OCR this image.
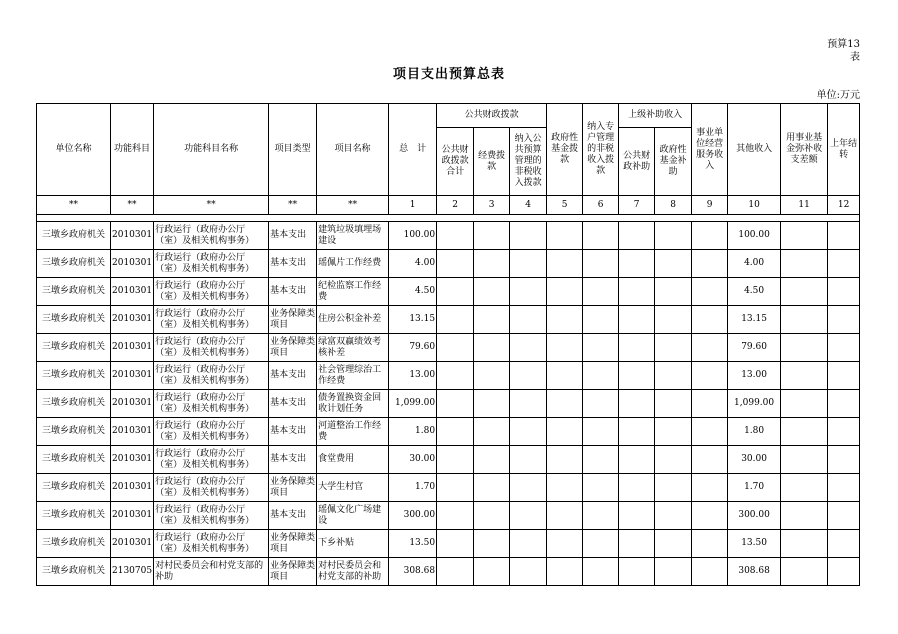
预算13
表
项目支出预算总表
单位:万元
单位名称	功能科目	功能科目名称	项目类型	项目名称	总　计	公共财政拨款			政府性基金拨款	纳入专户管理的非税收入拨款	上级补助收入		事业单位经营服务收入	其他收入	用事业基金弥补收支差额	上年结转
						公共财政拨款合计	经费拨款	纳入公共预算管理的非税收入拨款			公共财政补助	政府性基金补助				
**	**	**	**	**	1	2	3	4	5	6	7	8	9	10	11	12

三墩乡政府机关	2010301	行政运行（政府办公厅（室）及相关机构事务）	基本支出	建筑垃圾填埋场建设	100.00									100.00		
三墩乡政府机关	2010301	行政运行（政府办公厅（室）及相关机构事务）	基本支出	瑶佩片工作经费	4.00									4.00		
三墩乡政府机关	2010301	行政运行（政府办公厅（室）及相关机构事务）	基本支出	纪检监察工作经费	4.50									4.50		
三墩乡政府机关	2010301	行政运行（政府办公厅（室）及相关机构事务）	业务保障类项目	住房公积金补差	13.15									13.15		
三墩乡政府机关	2010301	行政运行（政府办公厅（室）及相关机构事务）	业务保障类项目	绿富双赢绩效考核补差	79.60									79.60		
三墩乡政府机关	2010301	行政运行（政府办公厅（室）及相关机构事务）	基本支出	社会管理综治工作经费	13.00									13.00		
三墩乡政府机关	2010301	行政运行（政府办公厅（室）及相关机构事务）	基本支出	债务置换资金回收计划任务	1,099.00									1,099.00		
三墩乡政府机关	2010301	行政运行（政府办公厅（室）及相关机构事务）	基本支出	河道整治工作经费	1.80									1.80		
三墩乡政府机关	2010301	行政运行（政府办公厅（室）及相关机构事务）	基本支出	食堂费用	30.00									30.00		
三墩乡政府机关	2010301	行政运行（政府办公厅（室）及相关机构事务）	业务保障类项目	大学生村官	1.70									1.70		
三墩乡政府机关	2010301	行政运行（政府办公厅（室）及相关机构事务）	基本支出	瑶佩文化广场建设	300.00									300.00		
三墩乡政府机关	2010301	行政运行（政府办公厅（室）及相关机构事务）	业务保障类项目	下乡补贴	13.50									13.50		
三墩乡政府机关	2130705	对村民委员会和村党支部的补助	业务保障类项目	对村民委员会和村党支部的补助	308.68									308.68		
